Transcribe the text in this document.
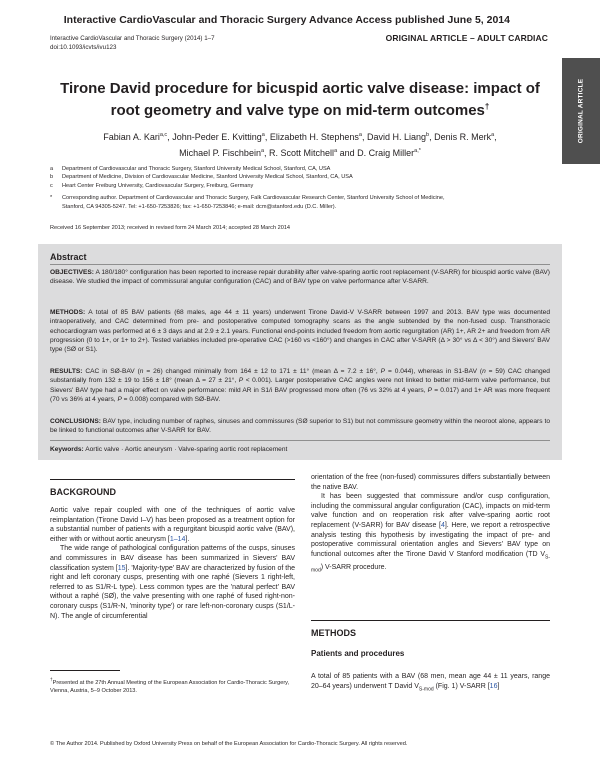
Interactive CardioVascular and Thoracic Surgery Advance Access published June 5, 2014
Interactive CardioVascular and Thoracic Surgery (2014) 1–7
doi:10.1093/icvts/ivu123
ORIGINAL ARTICLE – ADULT CARDIAC
ORIGINAL ARTICLE
Tirone David procedure for bicuspid aortic valve disease: impact of root geometry and valve type on mid-term outcomes†
Fabian A. Kari$^{a,c}$, John-Peder E. Kvitting$^a$, Elizabeth H. Stephens$^a$, David H. Liang$^b$, Denis R. Merk$^a$,
Michael P. Fischbein$^a$, R. Scott Mitchell$^a$ and D. Craig Miller$^{a,*}$
a Department of Cardiovascular and Thoracic Surgery, Stanford University Medical School, Stanford, CA, USA
b Department of Medicine, Division of Cardiovascular Medicine, Stanford University Medical School, Stanford, CA, USA
c Heart Center Freiburg University, Cardiovascular Surgery, Freiburg, Germany
* Corresponding author. Department of Cardiovascular and Thoracic Surgery, Falk Cardiovascular Research Center, Stanford University School of Medicine,
Stanford, CA 94305-5247. Tel: +1-650-7253826; fax: +1-650-7253846; e-mail: dcm@stanford.edu (D.C. Miller).
Received 16 September 2013; received in revised form 24 March 2014; accepted 28 March 2014
Abstract
OBJECTIVES: A 180/180° configuration has been reported to increase repair durability after valve-sparing aortic root replacement (V-SARR) for bicuspid aortic valve (BAV) disease. We studied the impact of commissural angular configuration (CAC) and of BAV type on valve performance after V-SARR.
METHODS: A total of 85 BAV patients (68 males, age 44 ± 11 years) underwent Tirone David-V V-SARR between 1997 and 2013. BAV type was documented intraoperatively, and CAC determined from pre- and postoperative computed tomography scans as the angle subtended by the non-fused cusp. Transthoracic echocardiogram was performed at 6 ± 3 days and at 2.9 ± 2.1 years. Functional end-points included freedom from aortic regurgitation (AR) 1+, AR 2+ and freedom from AR progression (0 to 1+, or 1+ to 2+). Tested variables included pre-operative CAC (>160 vs <160°) and changes in CAC after V-SARR (Δ > 30° vs Δ < 30°) and Sievers' BAV type (SØ or S1).
RESULTS: CAC in SØ-BAV (n = 26) changed minimally from 164 ± 12 to 171 ± 11° (mean Δ = 7.2 ± 16°, P = 0.044), whereas in S1-BAV (n = 59) CAC changed substantially from 132 ± 19 to 156 ± 18° (mean Δ = 27 ± 21°, P < 0.001). Larger postoperative CAC angles were not linked to better mid-term valve performance, but Sievers' BAV type had a major effect on valve performance: mild AR in S1/i BAV progressed more often (76 vs 32% at 4 years, P = 0.017) and 1+ AR was more frequent (70 vs 36% at 4 years, P = 0.008) compared with SØ-BAV.
CONCLUSIONS: BAV type, including number of raphes, sinuses and commissures (SØ superior to S1) but not commissure geometry within the neoroot alone, appears to be linked to functional outcomes after V-SARR for BAV.
Keywords: Aortic valve · Aortic aneurysm · Valve-sparing aortic root replacement
BACKGROUND
Aortic valve repair coupled with one of the techniques of aortic valve reimplantation (Tirone David I–V) has been proposed as a treatment option for a substantial number of patients with a regurgitant bicuspid aortic valve (BAV), either with or without aortic aneurysm [1–14].
The wide range of pathological configuration patterns of the cusps, sinuses and commissures in BAV disease has been summarized in Sievers' BAV classification system [15]. 'Majority-type' BAV are characterized by fusion of the right and left coronary cusps, presenting with one raphé (Sievers 1 right-left, referred to as S1/R-L type). Less common types are the 'natural perfect' BAV without a raphé (SØ), the valve presenting with one raphé of fused right-non-coronary cusps (S1/R-N, 'minority type') or rare left-non-coronary cusps (S1/L-N). The angle of circumferential
†Presented at the 27th Annual Meeting of the European Association for Cardio-Thoracic Surgery, Vienna, Austria, 5–9 October 2013.
orientation of the free (non-fused) commissures differs substantially between the native BAV.
It has been suggested that commissure and/or cusp configuration, including the commissural angular configuration (CAC), impacts on mid-term valve function and on reoperation risk after valve-sparing aortic root replacement (V-SARR) for BAV disease [4]. Here, we report a retrospective analysis testing this hypothesis by investigating the impact of pre- and postoperative commissural orientation angles and Sievers' BAV type on functional outcomes after the Tirone David V Stanford modification (TD $V_{S-mod}$) V-SARR procedure.
METHODS
Patients and procedures
A total of 85 patients with a BAV (68 men, mean age 44 ± 11 years, range 20–64 years) underwent T David $V_{S-mod}$ (Fig. 1) V-SARR [16]
© The Author 2014. Published by Oxford University Press on behalf of the European Association for Cardio-Thoracic Surgery. All rights reserved.
